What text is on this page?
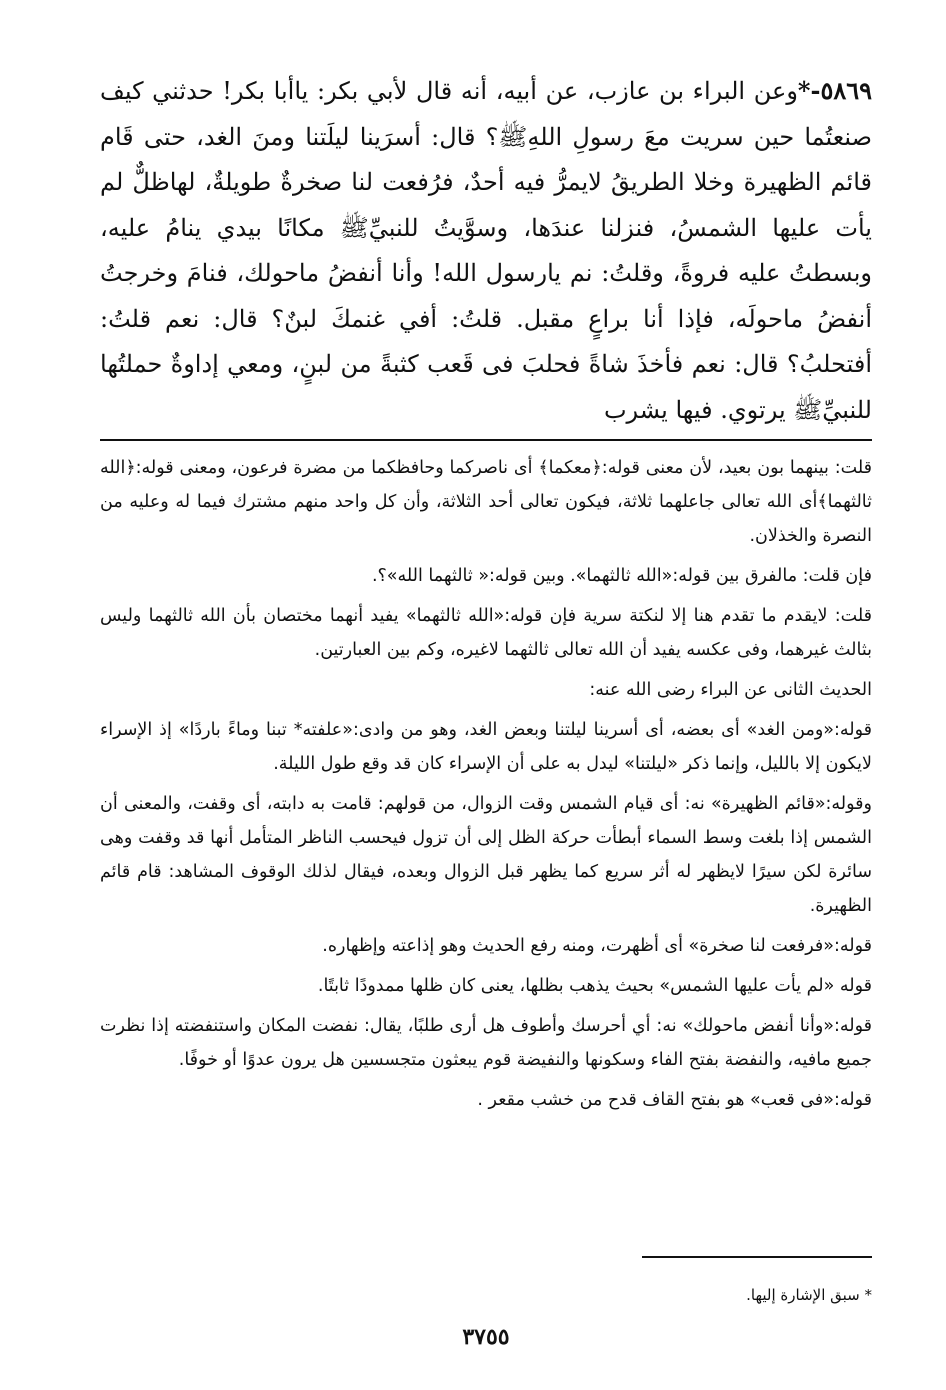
٥٨٦٩-*وعن البراء بن عازب، عن أبيه، أنه قال لأبي بكر: ياأبا بكر! حدثني كيف صنعتُما حين سريت معَ رسولِ اللهِﷺ؟ قال: أسرَينا ليلَتنا ومنَ الغد، حتى قَام قائم الظهيرة وخلا الطريقُ لايمرُّ فيه أحدٌ، فرُفعت لنا صخرةٌ طويلةٌ، لهاظلٌّ لم يأت عليها الشمسُ، فنزلنا عندَها، وسوَّيتُ للنبيِّﷺ مكانًا بيدي ينامُ عليه، وبسطتُ عليه فروةً، وقلتُ: نم يارسول الله! وأنا أنفضُ ماحولك، فنامَ وخرجتُ أنفضُ ماحولَه، فإذا أنا براعٍ مقبل. قلتُ: أفي غنمكَ لبنٌ؟ قال: نعم قلتُ: أفتحلبُ؟ قال: نعم فأخذَ شاةً فحلبَ فى قَعب كثبةً من لبنٍ، ومعي إداوةٌ حملتُها للنبيِّﷺ يرتوي. فيها يشرب

قلت: بينهما بون بعيد، لأن معنى قوله:﴿معكما﴾ أى ناصركما وحافظكما من مضرة فرعون، ومعنى قوله:﴿الله ثالثهما﴾أى الله تعالى جاعلهما ثلاثة، فيكون تعالى أحد الثلاثة، وأن كل واحد منهم مشترك فيما له وعليه من النصرة والخذلان.

فإن قلت: مالفرق بين قوله:«الله ثالثهما». وبين قوله:« ثالثهما الله»؟.

قلت: لايقدم ما تقدم هنا إلا لنكتة سرية فإن قوله:«الله ثالثهما» يفيد أنهما مختصان بأن الله ثالثهما وليس بثالث غيرهما، وفى عكسه يفيد أن الله تعالى ثالثهما لاغيره، وكم بين العبارتين.

الحديث الثانى عن البراء رضى الله عنه:

قوله:«ومن الغد» أى بعضه، أى أسرينا ليلتنا وبعض الغد، وهو من وادى:«علفته* تبنا وماءً باردًا» إذ الإسراء لايكون إلا بالليل، وإنما ذكر «ليلتنا» ليدل به على أن الإسراء كان قد وقع طول الليلة.

وقوله:«قائم الظهيرة» نه: أى قيام الشمس وقت الزوال، من قولهم: قامت به دابته، أى وقفت، والمعنى أن الشمس إذا بلغت وسط السماء أبطأت حركة الظل إلى أن تزول فيحسب الناظر المتأمل أنها قد وقفت وهى سائرة لكن سيرًا لايظهر له أثر سريع كما يظهر قبل الزوال وبعده، فيقال لذلك الوقوف المشاهد: قام قائم الظهيرة.

قوله:«فرفعت لنا صخرة» أى أظهرت، ومنه رفع الحديث وهو إذاعته وإظهاره.

قوله «لم يأت عليها الشمس» بحيث يذهب بظلها، يعنى كان ظلها ممدودًا ثابتًا.

قوله:«وأنا أنفض ماحولك» نه: أي أحرسك وأطوف هل أرى طلبًا، يقال: نفضت المكان واستنفضته إذا نظرت جميع مافيه، والنفضة بفتح الفاء وسكونها والنفيضة قوم يبعثون متجسسين هل يرون عدوًا أو خوفًا.

قوله:«فى قعب» هو بفتح القاف قدح من خشب مقعر .

* سبق الإشارة إليها.
٣٧٥٥
